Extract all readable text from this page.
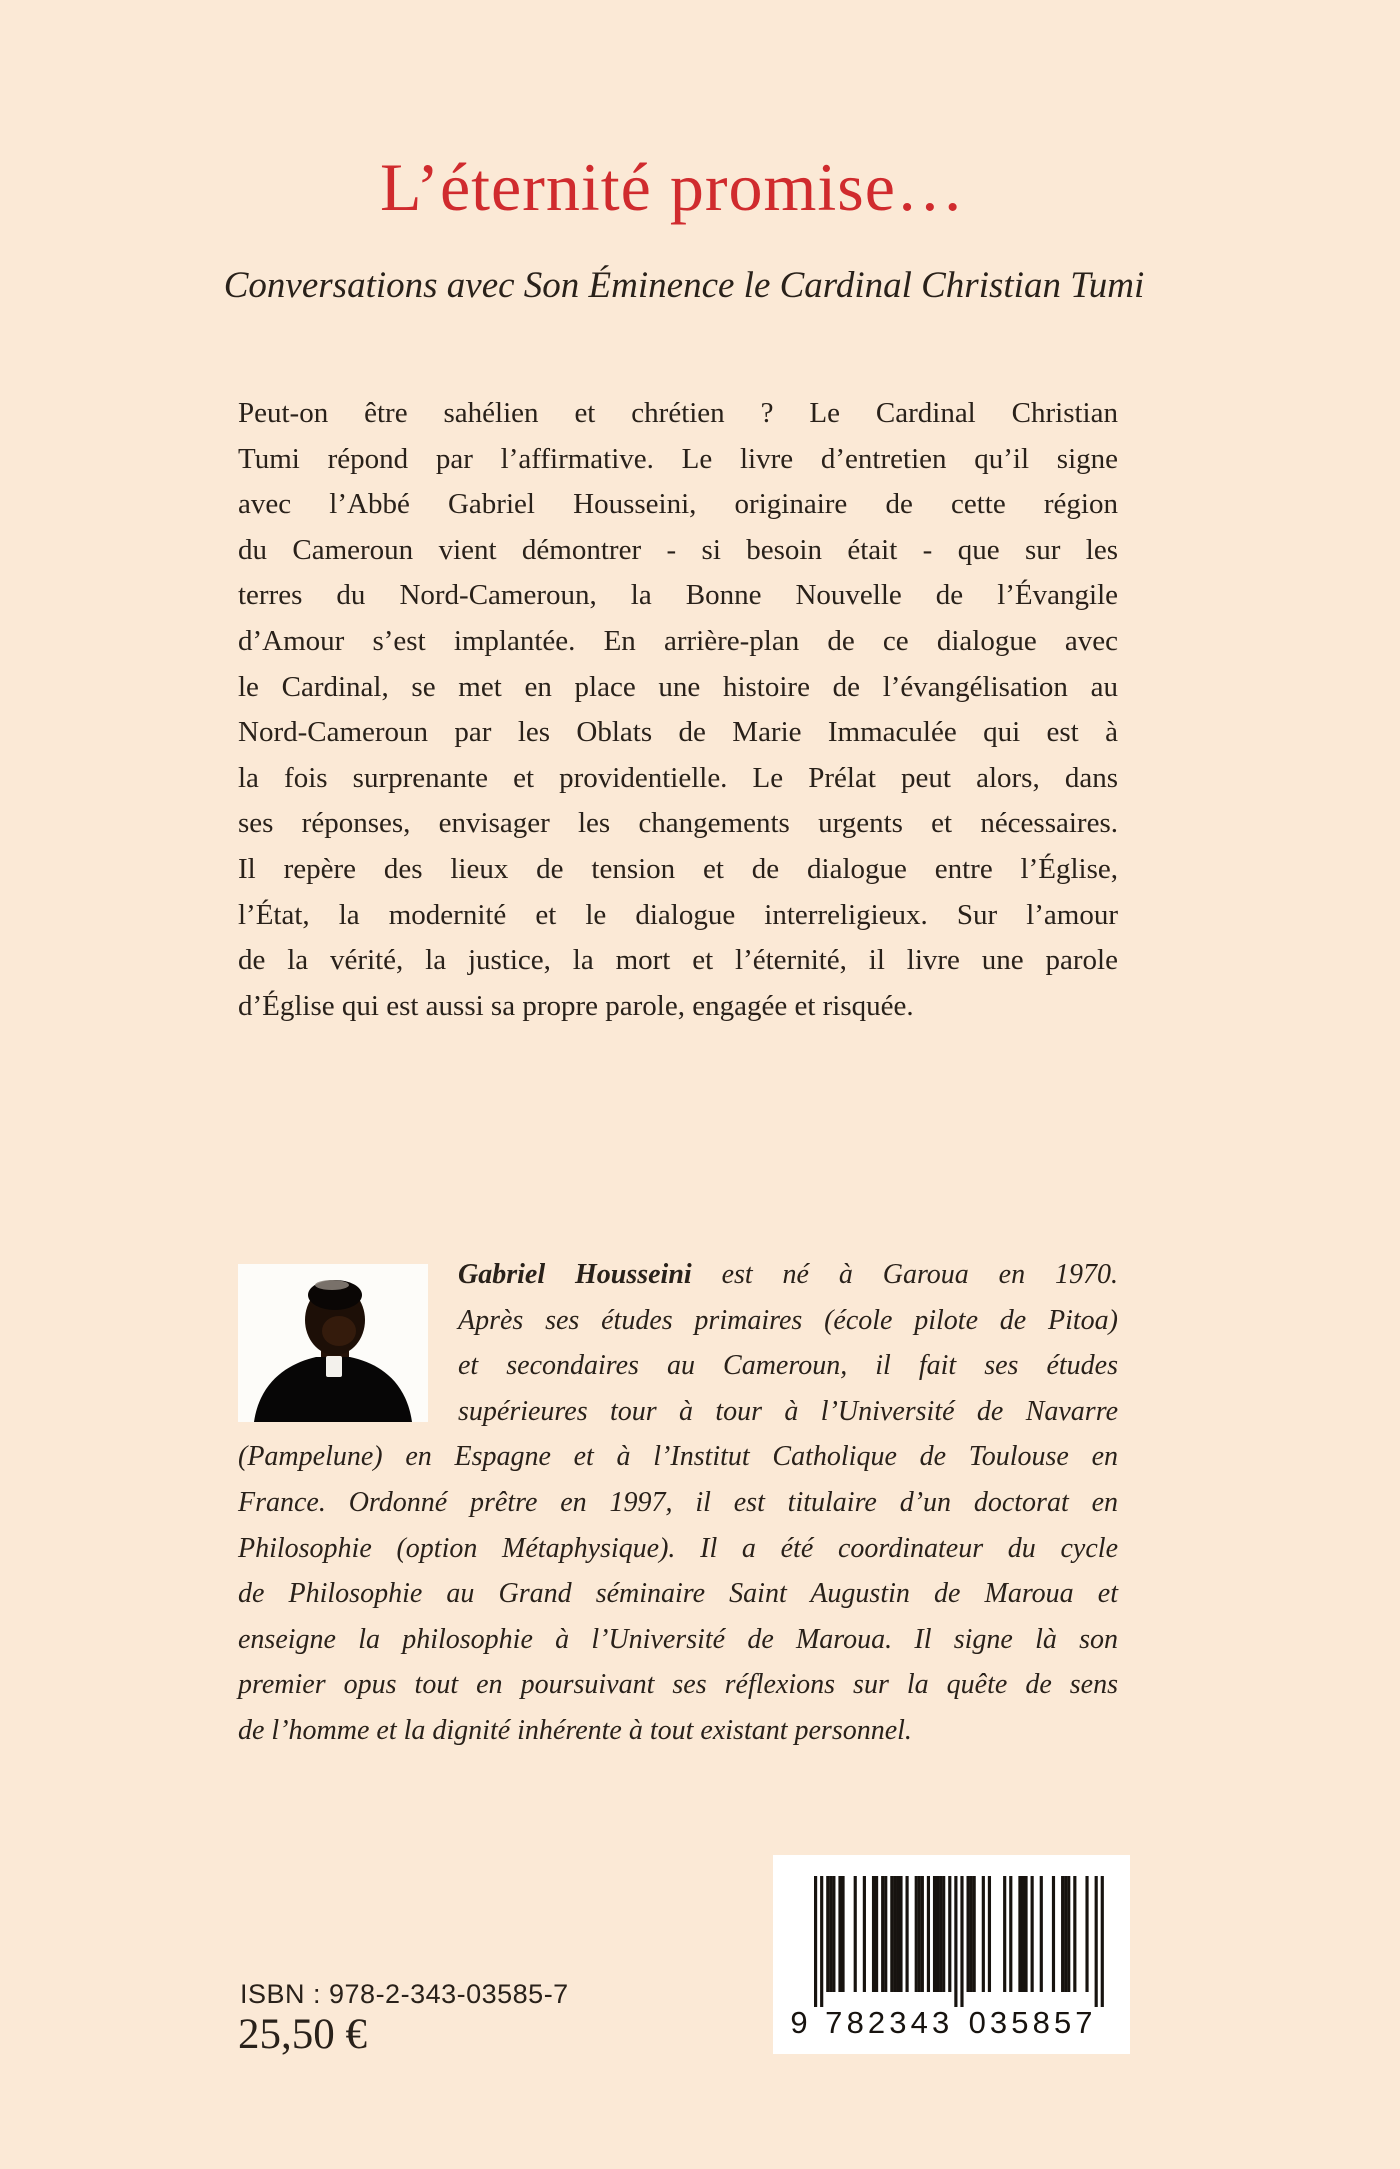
L’éternité promise…
Conversations avec Son Éminence le Cardinal Christian Tumi
Peut-on être sahélien et chrétien ? Le Cardinal Christian
Tumi répond par l’affirmative. Le livre d’entretien qu’il signe
avec l’Abbé Gabriel Housseini, originaire de cette région
du Cameroun vient démontrer - si besoin était - que sur les
terres du Nord-Cameroun, la Bonne Nouvelle de l’Évangile
d’Amour s’est implantée. En arrière-plan de ce dialogue avec
le Cardinal, se met en place une histoire de l’évangélisation au
Nord-Cameroun par les Oblats de Marie Immaculée qui est à
la fois surprenante et providentielle. Le Prélat peut alors, dans
ses réponses, envisager les changements urgents et nécessaires.
Il repère des lieux de tension et de dialogue entre l’Église,
l’État, la modernité et le dialogue interreligieux. Sur l’amour
de la vérité, la justice, la mort et l’éternité, il livre une parole
d’Église qui est aussi sa propre parole, engagée et risquée.
Gabriel Housseini est né à Garoua en 1970.
Après ses études primaires (école pilote de Pitoa)
et secondaires au Cameroun, il fait ses études
supérieures tour à tour à l’Université de Navarre
(Pampelune) en Espagne et à l’Institut Catholique de Toulouse en
France. Ordonné prêtre en 1997, il est titulaire d’un doctorat en
Philosophie (option Métaphysique). Il a été coordinateur du cycle
de Philosophie au Grand séminaire Saint Augustin de Maroua et
enseigne la philosophie à l’Université de Maroua. Il signe là son
premier opus tout en poursuivant ses réflexions sur la quête de sens
de l’homme et la dignité inhérente à tout existant personnel.
ISBN : 978-2-343-03585-7
25,50 €	9 7 8 2 3 4 3 0 3 5 8 5 7
